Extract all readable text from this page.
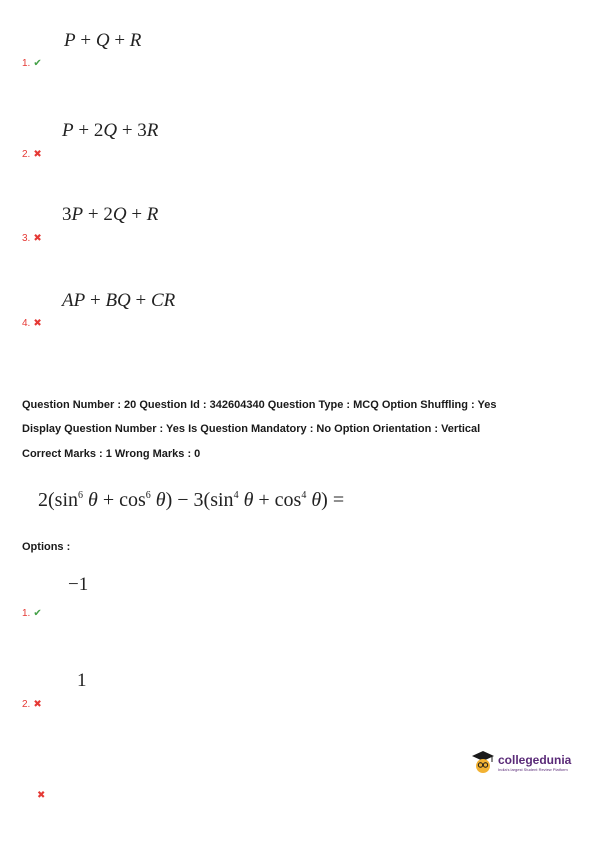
P + Q + R
1. ✔
P + 2Q + 3R
2. ✖
3P + 2Q + R
3. ✖
AP + BQ + CR
4. ✖
Question Number : 20 Question Id : 342604340 Question Type : MCQ Option Shuffling : Yes
Display Question Number : Yes Is Question Mandatory : No Option Orientation : Vertical
Correct Marks : 1 Wrong Marks : 0
$2(\sin^6$ $\theta + \cos^6 \theta) - 3(\sin^4$ $\theta + \cos^4 \theta$) =
Options :
−1
1. ✔
1
2. ✖
✖
collegedunia
India's largest Student Review Platform
